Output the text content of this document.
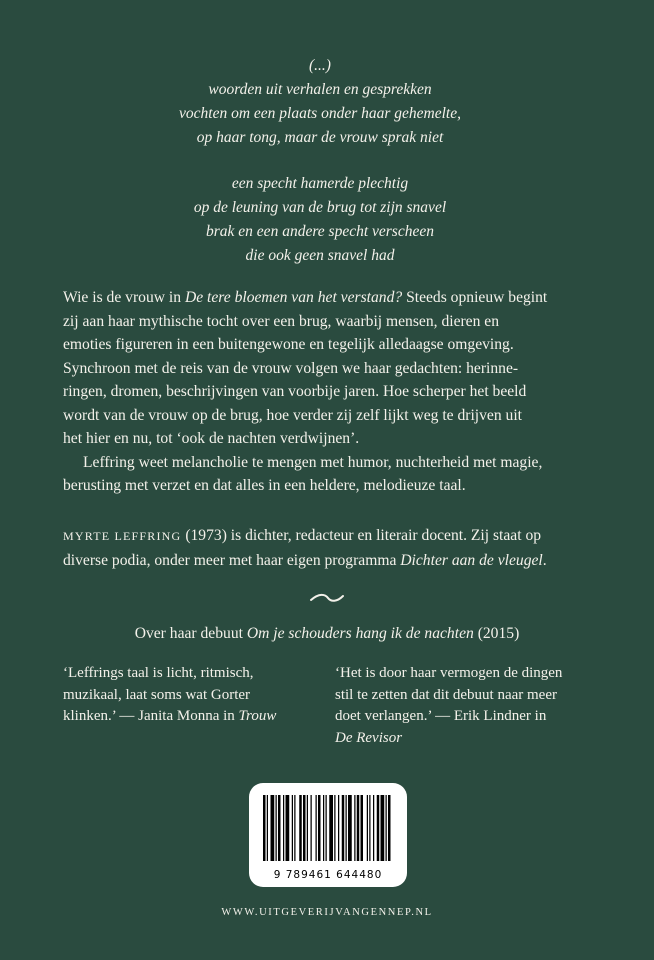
(...)
woorden uit verhalen en gesprekken
vochten om een plaats onder haar gehemelte,
op haar tong, maar de vrouw sprak niet
een specht hamerde plechtig
op de leuning van de brug tot zijn snavel
brak en een andere specht verscheen
die ook geen snavel had

Wie is de vrouw in De tere bloemen van het verstand? Steeds opnieuw begint
zij aan haar mythische tocht over een brug, waarbij mensen, dieren en
emoties figureren in een buitengewone en tegelijk alledaagse omgeving.
Synchroon met de reis van de vrouw volgen we haar gedachten: herinne-
ringen, dromen, beschrijvingen van voorbije jaren. Hoe scherper het beeld
wordt van de vrouw op de brug, hoe verder zij zelf lijkt weg te drijven uit
het hier en nu, tot ‘ook de nachten verdwijnen’.

Leffring weet melancholie te mengen met humor, nuchterheid met magie,
berusting met verzet en dat alles in een heldere, melodieuze taal.

MYRTE LEFFRING (1973) is dichter, redacteur en literair docent. Zij staat op
diverse podia, onder meer met haar eigen programma Dichter aan de vleugel.
Over haar debuut Om je schouders hang ik de nachten (2015)
‘Leffrings taal is licht, ritmisch,
muzikaal, laat soms wat Gorter
klinken.’ — Janita Monna in Trouw
‘Het is door haar vermogen de dingen
stil te zetten dat dit debuut naar meer
doet verlangen.’ — Erik Lindner in
De Revisor
9 789461 644480
WWW.UITGEVERIJVANGENNEP.NL
